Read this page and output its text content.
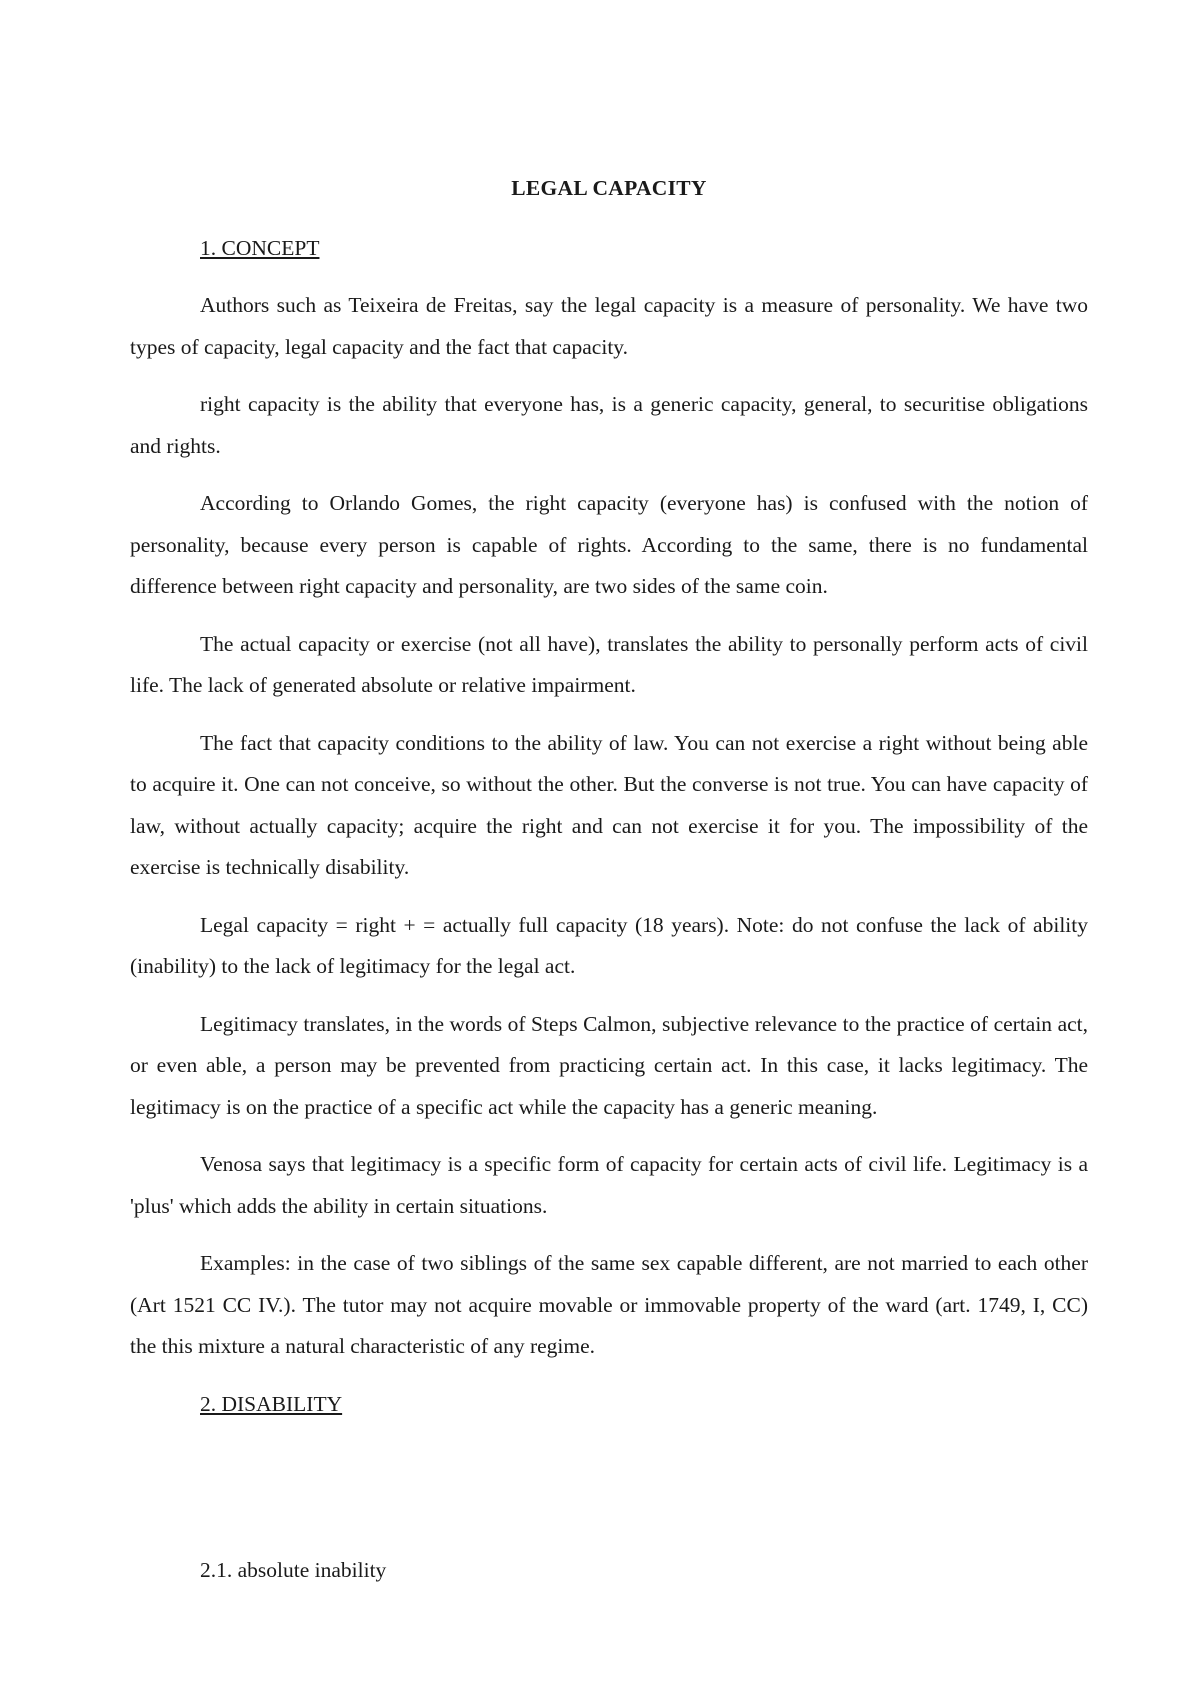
LEGAL CAPACITY
1. CONCEPT

Authors such as Teixeira de Freitas, say the legal capacity is a measure of personality. We have two types of capacity, legal capacity and the fact that capacity.

right capacity is the ability that everyone has, is a generic capacity, general, to securitise obligations and rights.

According to Orlando Gomes, the right capacity (everyone has) is confused with the notion of personality, because every person is capable of rights. According to the same, there is no fundamental difference between right capacity and personality, are two sides of the same coin.

The actual capacity or exercise (not all have), translates the ability to personally perform acts of civil life. The lack of generated absolute or relative impairment.

The fact that capacity conditions to the ability of law. You can not exercise a right without being able to acquire it. One can not conceive, so without the other. But the converse is not true. You can have capacity of law, without actually capacity; acquire the right and can not exercise it for you. The impossibility of the exercise is technically disability.

Legal capacity = right + = actually full capacity (18 years). Note: do not confuse the lack of ability (inability) to the lack of legitimacy for the legal act.

Legitimacy translates, in the words of Steps Calmon, subjective relevance to the practice of certain act, or even able, a person may be prevented from practicing certain act. In this case, it lacks legitimacy. The legitimacy is on the practice of a specific act while the capacity has a generic meaning.

Venosa says that legitimacy is a specific form of capacity for certain acts of civil life. Legitimacy is a 'plus' which adds the ability in certain situations.

Examples: in the case of two siblings of the same sex capable different, are not married to each other (Art 1521 CC IV.). The tutor may not acquire movable or immovable property of the ward (art. 1749, I, CC) the this mixture a natural characteristic of any regime.

2. DISABILITY
2.1. absolute inability
